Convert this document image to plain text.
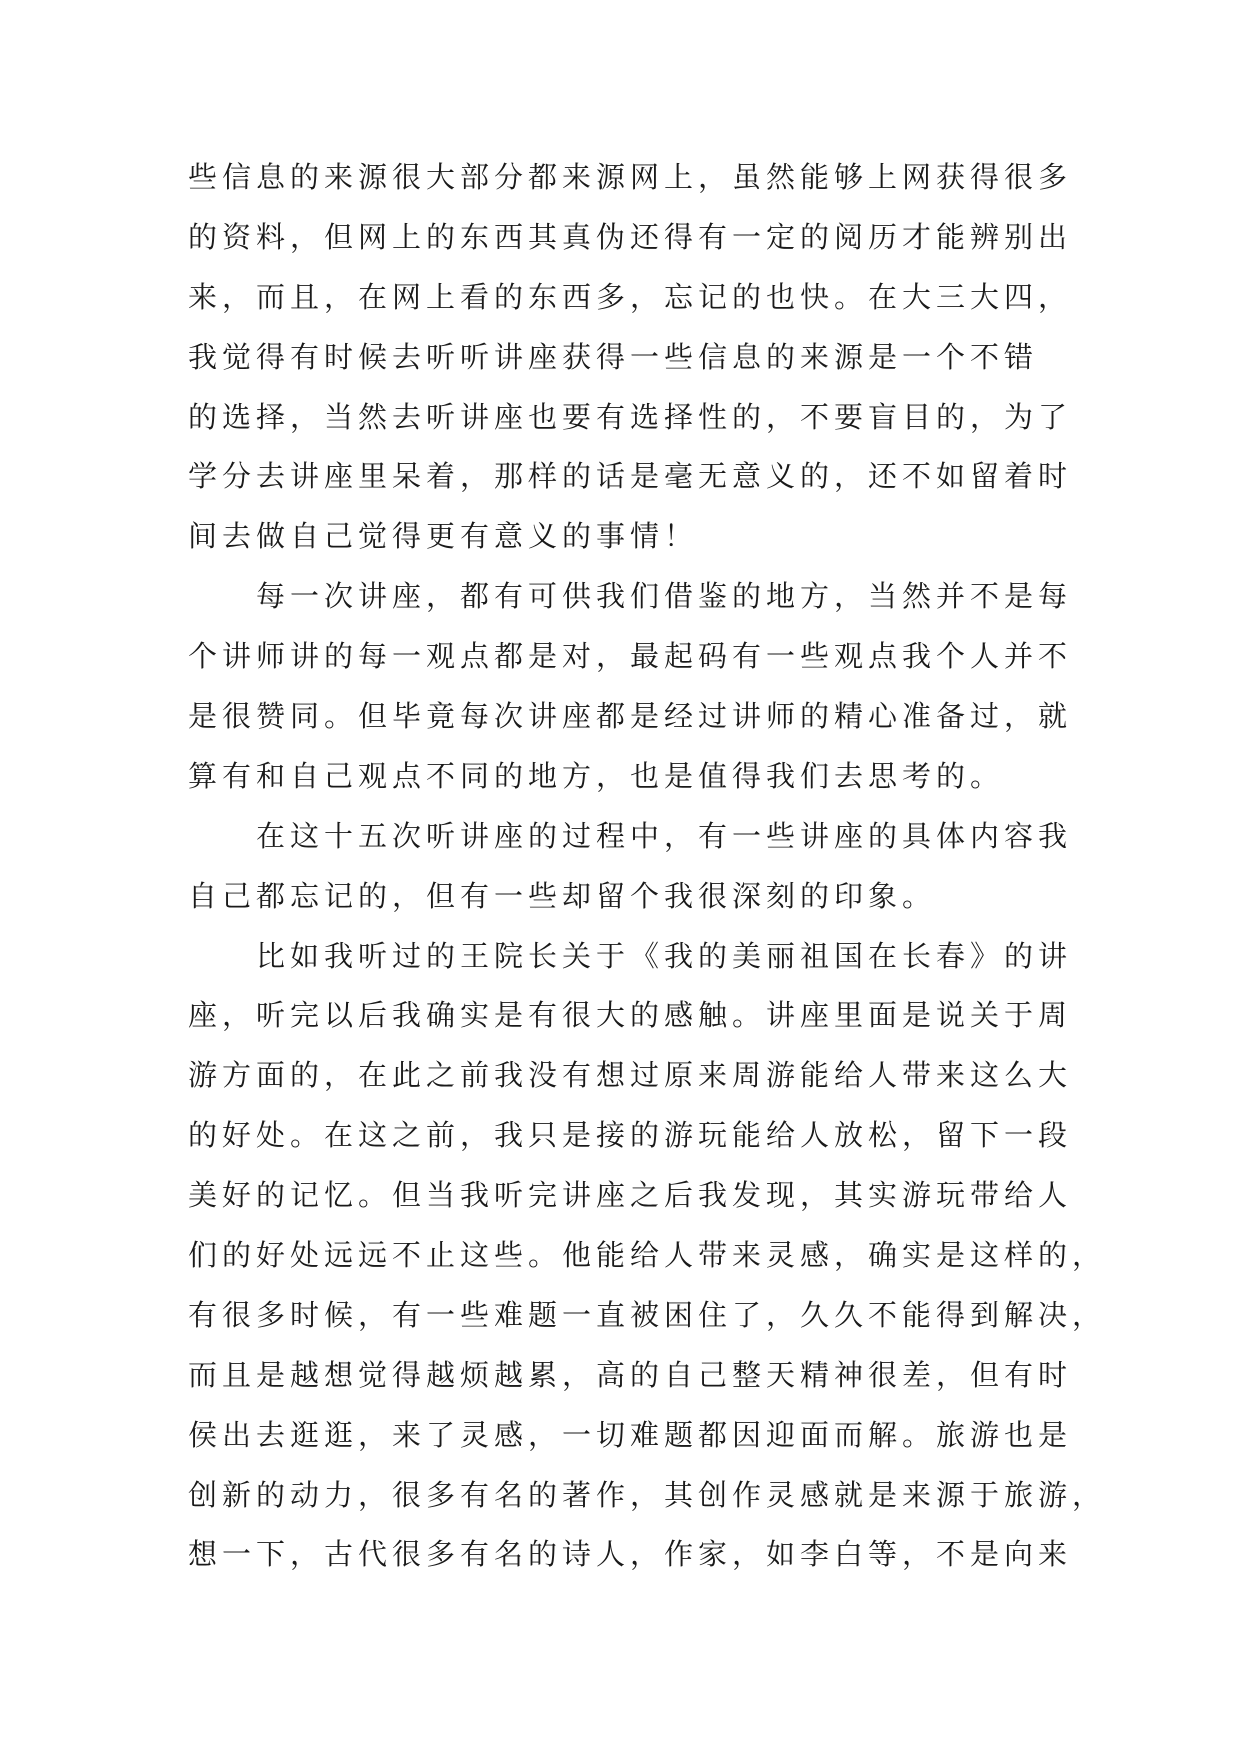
些信息的来源很大部分都来源网上，虽然能够上网获得很多
的资料，但网上的东西其真伪还得有一定的阅历才能辨别出
来，而且，在网上看的东西多，忘记的也快。在大三大四，
我觉得有时候去听听讲座获得一些信息的来源是一个不错
的选择，当然去听讲座也要有选择性的，不要盲目的，为了
学分去讲座里呆着，那样的话是毫无意义的，还不如留着时
间去做自己觉得更有意义的事情！
每一次讲座，都有可供我们借鉴的地方，当然并不是每
个讲师讲的每一观点都是对，最起码有一些观点我个人并不
是很赞同。但毕竟每次讲座都是经过讲师的精心准备过，就
算有和自己观点不同的地方，也是值得我们去思考的。
在这十五次听讲座的过程中，有一些讲座的具体内容我
自己都忘记的，但有一些却留个我很深刻的印象。
比如我听过的王院长关于《我的美丽祖国在长春》的讲
座，听完以后我确实是有很大的感触。讲座里面是说关于周
游方面的，在此之前我没有想过原来周游能给人带来这么大
的好处。在这之前，我只是接的游玩能给人放松，留下一段
美好的记忆。但当我听完讲座之后我发现，其实游玩带给人
们的好处远远不止这些。他能给人带来灵感，确实是这样的，
有很多时候，有一些难题一直被困住了，久久不能得到解决，
而且是越想觉得越烦越累，高的自己整天精神很差，但有时
侯出去逛逛，来了灵感，一切难题都因迎面而解。旅游也是
创新的动力，很多有名的著作，其创作灵感就是来源于旅游，
想一下，古代很多有名的诗人，作家，如李白等，不是向来
